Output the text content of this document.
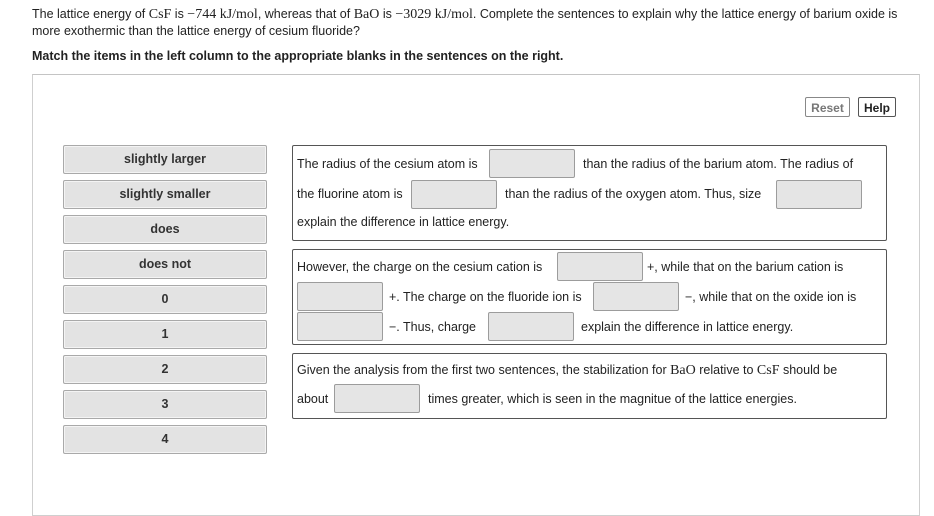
The lattice energy of CsF is −744 kJ/mol, whereas that of BaO is −3029 kJ/mol. Complete the sentences to explain why the lattice energy of barium oxide is more exothermic than the lattice energy of cesium fluoride?
Match the items in the left column to the appropriate blanks in the sentences on the right.
Reset	Help
slightly larger
slightly smaller
does
does not
0
1
2
3
4
The radius of the cesium atom is	than the radius of the barium atom. The radius of
the fluorine atom is	than the radius of the oxygen atom. Thus, size
explain the difference in lattice energy.
However, the charge on the cesium cation is	+, while that on the barium cation is
+. The charge on the fluoride ion is	−, while that on the oxide ion is
−. Thus, charge	explain the difference in lattice energy.
Given the analysis from the first two sentences, the stabilization for BaO relative to CsF should be
about	times greater, which is seen in the magnitue of the lattice energies.
